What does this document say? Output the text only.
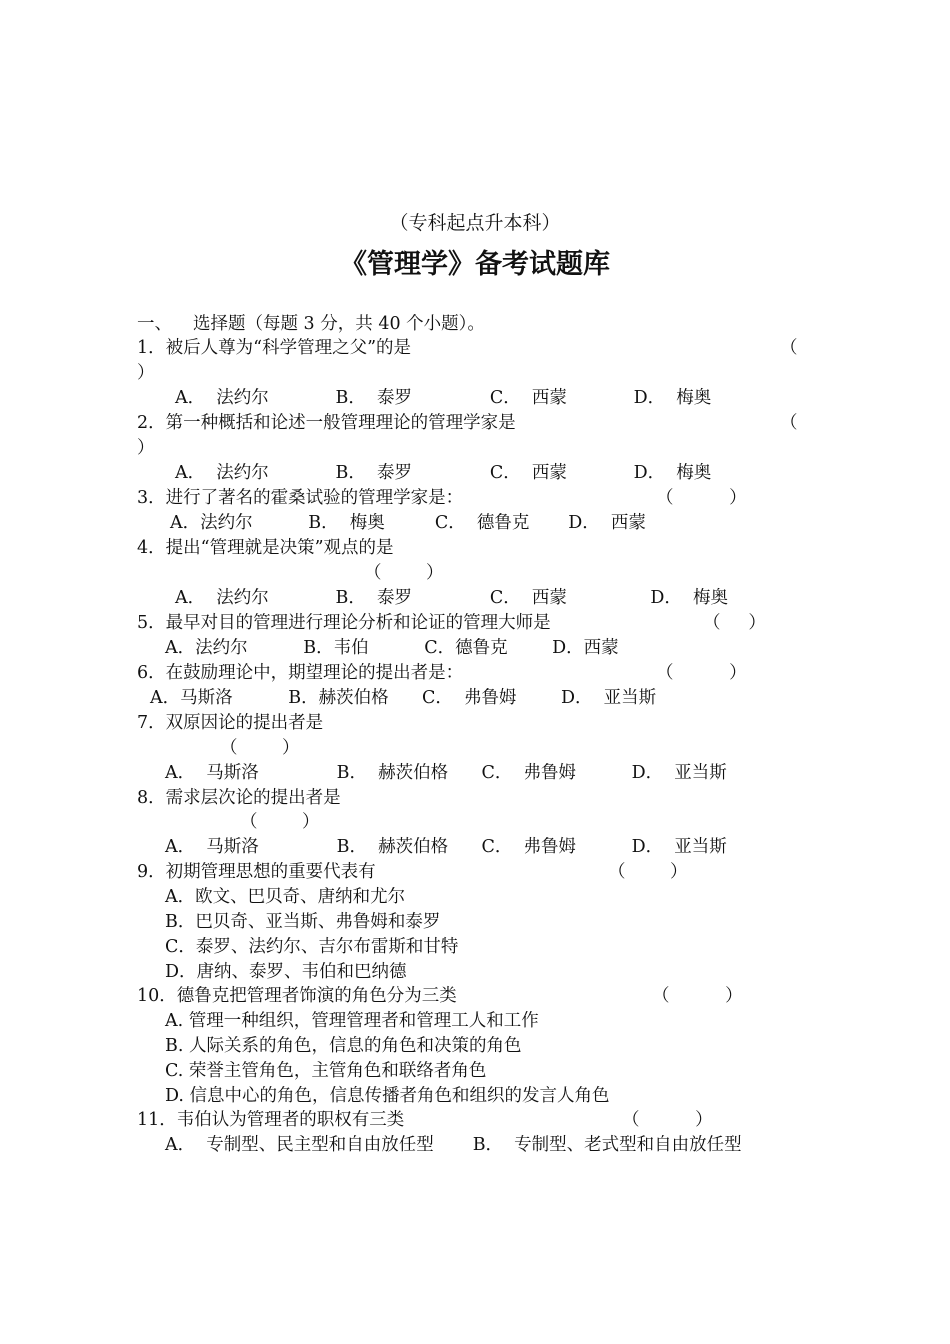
（专科起点升本科）
《管理学》备考试题库
一、 选择题（每题 3 分，共 40 个小题）。
1．被后人尊为“科学管理之父”的是	（
）
A．  法约尔            B．  泰罗              C．  西蒙            D．  梅奥
2．第一种概括和论述一般管理理论的管理学家是	（
）
A．  法约尔            B．  泰罗              C．  西蒙            D．  梅奥
3．进行了著名的霍桑试验的管理学家是：	（          ）
A．法约尔          B．  梅奥         C．  德鲁克       D．  西蒙
4．提出“管理就是决策”观点的是
（        ）
A．  法约尔            B．  泰罗              C．  西蒙               D．  梅奥
5．最早对目的管理进行理论分析和论证的管理大师是	（     ）
A．法约尔          B．韦伯          C．德鲁克        D．西蒙
6．在鼓励理论中，期望理论的提出者是：	（          ）
A．马斯洛          B．赫茨伯格      C．  弗鲁姆        D．  亚当斯
7．双原因论的提出者是
（        ）
A．  马斯洛              B．  赫茨伯格      C．  弗鲁姆          D．  亚当斯
8．需求层次论的提出者是
（        ）
A．  马斯洛              B．  赫茨伯格      C．  弗鲁姆          D．  亚当斯
9．初期管理思想的重要代表有	（        ）
A．欧文、巴贝奇、唐纳和尤尔
B．巴贝奇、亚当斯、弗鲁姆和泰罗
C．泰罗、法约尔、吉尔布雷斯和甘特
D．唐纳、泰罗、韦伯和巴纳德
10．德鲁克把管理者饰演的角色分为三类	（          ）
A. 管理一种组织，管理管理者和管理工人和工作
B. 人际关系的角色，信息的角色和决策的角色
C. 荣誉主管角色，主管角色和联络者角色
D. 信息中心的角色，信息传播者角色和组织的发言人角色
11．韦伯认为管理者的职权有三类	（          ）
A．  专制型、民主型和自由放任型       B．  专制型、老式型和自由放任型
